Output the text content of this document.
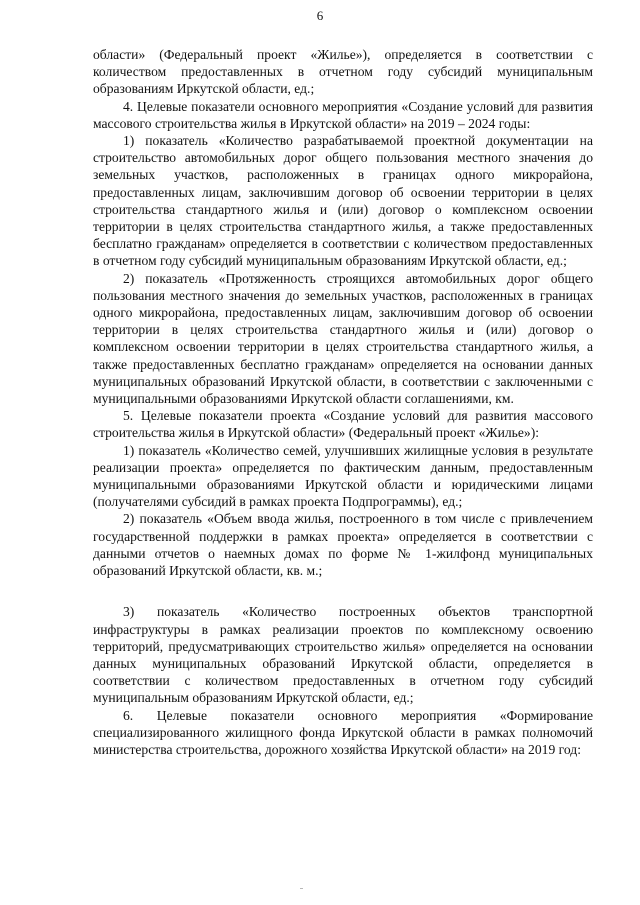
6

области» (Федеральный проект «Жилье»), определяется в соответствии с количеством предоставленных в отчетном году субсидий муниципальным образованиям Иркутской области, ед.;

4. Целевые показатели основного мероприятия «Создание условий для развития массового строительства жилья в Иркутской области» на 2019 – 2024 годы:

1) показатель «Количество разрабатываемой проектной документации на строительство автомобильных дорог общего пользования местного значения до земельных участков, расположенных в границах одного микрорайона, предоставленных лицам, заключившим договор об освоении территории в целях строительства стандартного жилья и (или) договор о комплексном освоении территории в целях строительства стандартного жилья, а также предоставленных бесплатно гражданам» определяется в соответствии с количеством предоставленных в отчетном году субсидий муниципальным образованиям Иркутской области, ед.;

2) показатель «Протяженность строящихся автомобильных дорог общего пользования местного значения до земельных участков, расположенных в границах одного микрорайона, предоставленных лицам, заключившим договор об освоении территории в целях строительства стандартного жилья и (или) договор о комплексном освоении территории в целях строительства стандартного жилья, а также предоставленных бесплатно гражданам» определяется на основании данных муниципальных образований Иркутской области, в соответствии с заключенными с муниципальными образованиями Иркутской области соглашениями, км.

5. Целевые показатели проекта «Создание условий для развития массового строительства жилья в Иркутской области» (Федеральный проект «Жилье»):

1) показатель «Количество семей, улучшивших жилищные условия в результате реализации проекта» определяется по фактическим данным, предоставленным муниципальными образованиями Иркутской области и юридическими лицами (получателями субсидий в рамках проекта Подпрограммы), ед.;

2) показатель «Объем ввода жилья, построенного в том числе с привлечением государственной поддержки в рамках проекта» определяется в соответствии с данными отчетов о наемных домах по форме № 1-жилфонд муниципальных образований Иркутской области, кв. м.;

3) показатель «Количество построенных объектов транспортной инфраструктуры в рамках реализации проектов по комплексному освоению территорий, предусматривающих строительство жилья» определяется на основании данных муниципальных образований Иркутской области, определяется в соответствии с количеством предоставленных в отчетном году субсидий муниципальным образованиям Иркутской области, ед.;

6. Целевые показатели основного мероприятия «Формирование специализированного жилищного фонда Иркутской области в рамках полномочий министерства строительства, дорожного хозяйства Иркутской области» на 2019 год:
